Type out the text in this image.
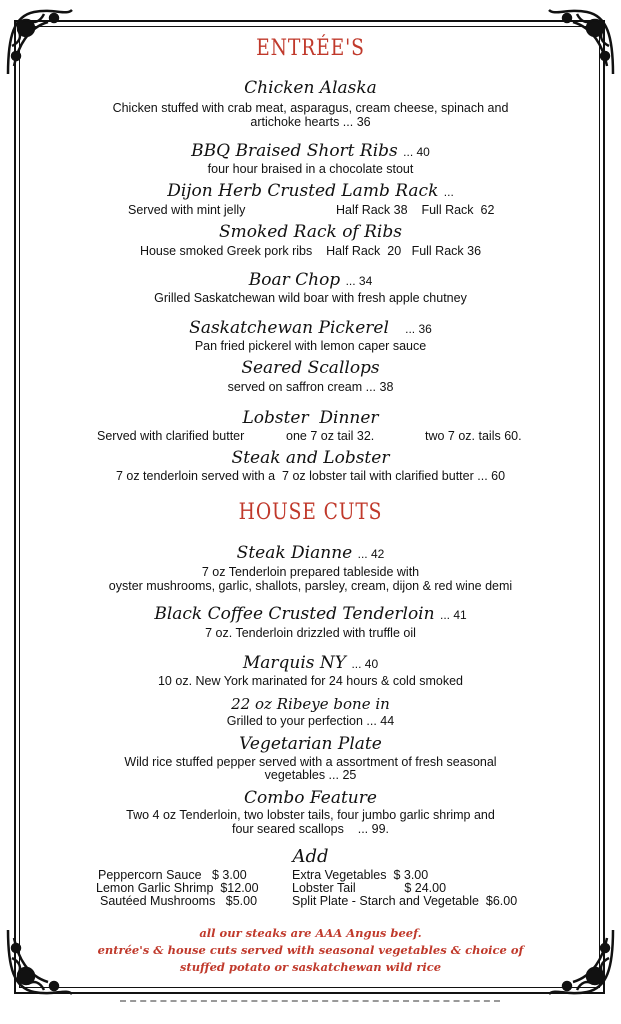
ENTRÉE'S
Chicken Alaska
Chicken stuffed with crab meat, asparagus, cream cheese, spinach and artichoke hearts ... 36
BBQ Braised Short Ribs ... 40
four hour braised in a chocolate stout
Dijon Herb Crusted Lamb Rack ...
Served with mint jelly	Half Rack 38    Full Rack  62
Smoked Rack of Ribs
House smoked Greek pork ribs    Half Rack  20   Full Rack 36
Boar Chop ... 34
Grilled Saskatchewan wild boar with fresh apple chutney
Saskatchewan Pickerel ... 36
Pan fried pickerel with lemon caper sauce
Seared Scallops
served on saffron cream ... 38
Lobster  Dinner
Served with clarified butter	one 7 oz tail 32.	two 7 oz. tails 60.
Steak and Lobster
7 oz tenderloin served with a  7 oz lobster tail with clarified butter ... 60
HOUSE CUTS
Steak Dianne ... 42
7 oz Tenderloin prepared tableside with
oyster mushrooms, garlic, shallots, parsley, cream, dijon & red wine demi
Black Coffee Crusted Tenderloin ... 41
7 oz. Tenderloin drizzled with truffle oil
Marquis NY ... 40
10 oz. New York marinated for 24 hours & cold smoked
22 oz Ribeye bone in
Grilled to your perfection ... 44
Vegetarian Plate
Wild rice stuffed pepper served with a assortment of fresh seasonal
vegetables ... 25
Combo Feature
Two 4 oz Tenderloin, two lobster tails, four jumbo garlic shrimp and
four seared scallops    ... 99.
Add
Peppercorn Sauce   $ 3.00
Lemon Garlic Shrimp  $12.00
Sautéed Mushrooms   $5.00
Extra Vegetables  $ 3.00
Lobster Tail              $ 24.00
Split Plate - Starch and Vegetable  $6.00
all our steaks are AAA Angus beef.
entrée's & house cuts served with seasonal vegetables & choice of
stuffed potato or saskatchewan wild rice
